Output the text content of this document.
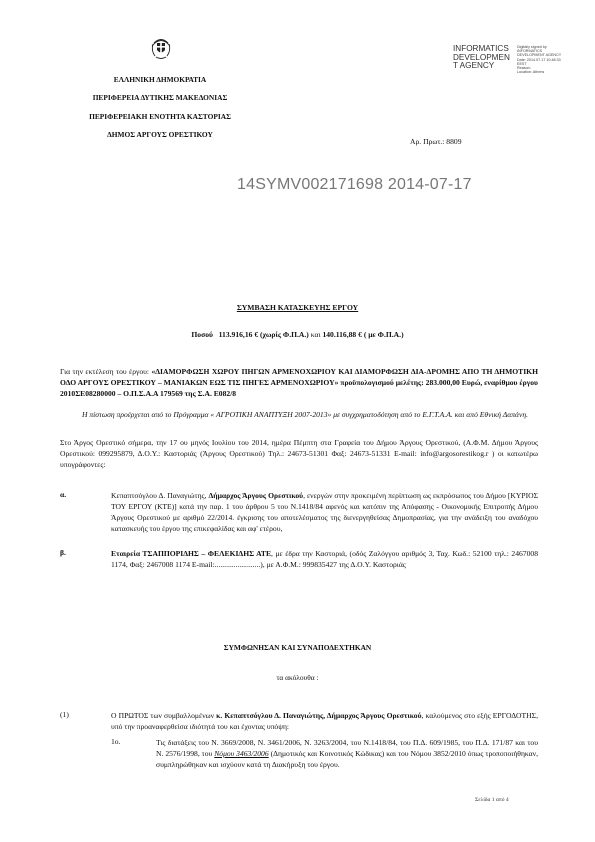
ΕΛΛΗΝΙΚΗ ΔΗΜΟΚΡΑΤΙΑ
ΠΕΡΙΦΕΡΕΙΑ ΔΥΤΙΚΗΣ ΜΑΚΕΔΟΝΙΑΣ
ΠΕΡΙΦΕΡΕΙΑΚΗ ΕΝΟΤΗΤΑ ΚΑΣΤΟΡΙΑΣ
ΔΗΜΟΣ ΑΡΓΟΥΣ ΟΡΕΣΤΙΚΟΥ
INFORMATICS
DEVELOPMEN
T AGENCY
Digitally signed by
INFORMATICS
DEVELOPMENT AGENCY
Date: 2014.07.17 10:48:33
EEST
Reason:
Location: Athens
Αρ. Πρωτ.: 8809
14SYMV002171698 2014-07-17
ΣΥΜΒΑΣΗ ΚΑΤΑΣΚΕΥΗΣ ΕΡΓΟΥ
Ποσού 113.916,16 € (χωρίς Φ.Π.Α.) και 140.116,88 € ( με Φ.Π.Α.)
Για την εκτέλεση του έργου: «ΔΙΑΜΟΡΦΩΣΗ ΧΩΡΟΥ ΠΗΓΩΝ ΑΡΜΕΝΟΧΩΡΙΟΥ ΚΑΙ ΔΙΑΜΟΡΦΩΣΗ ΔΙΑ-ΔΡΟΜΗΣ ΑΠΟ ΤΗ ΔΗΜΟΤΙΚΗ ΟΔΟ ΑΡΓΟΥΣ ΟΡΕΣΤΙΚΟΥ – ΜΑΝΙΑΚΩΝ ΕΩΣ ΤΙΣ ΠΗΓΕΣ ΑΡΜΕΝΟΧΩΡΙΟΥ» προϋπολογισμού μελέτης: 283.000,00 Ευρώ, εναρίθμου έργου 2010ΣΕ08280000 – Ο.Π.Σ.Α.Α 179569 της Σ.Α. Ε082/8
Η πίστωση προέρχεται από το Πρόγραμμα « ΑΓΡΟΤΙΚΗ ΑΝΑΠΤΥΞΗ 2007-2013» με συγχρηματοδότηση από το Ε.Γ.Τ.Α.Α. και από Εθνική Δαπάνη.
Στο Άργος Ορεστικό σήμερα, την 17 ου μηνός Ιουλίου του 2014, ημέρα Πέμπτη στα Γραφεία του Δήμου Άργους Ορεστικού, (Α.Φ.Μ. Δήμου Άργους Ορεστικού: 099295879, Δ.Ο.Υ.: Καστοριάς (Άργους Ορεστικού) Τηλ.: 24673-51301 Φαξ: 24673-51331 E-mail: info@argosorestikog.r ) οι κατωτέρω υπογράφοντες:
α.	Κεπαπτσόγλου Δ. Παναγιώτης, Δήμαρχος Άργους Ορεστικού, ενεργών στην προκειμένη περίπτωση ως εκπρόσωπος του Δήμου [ΚΥΡΙΟΣ ΤΟΥ ΕΡΓΟΥ (ΚΤΕ)] κατά την παρ. 1 του άρθρου 5 του Ν.1418/84 αφενός και κατόπιν της Απόφασης - Οικονομικής Επιτροπής Δήμου Άργους Ορεστικού με αριθμό 22/2014. έγκρισης του αποτελέσματος της διενεργηθείσας Δημοπρασίας, για την ανάδειξη του αναδόχου κατασκευής του έργου της επικεφαλίδας και αφ' ετέρου,
β.	Εταιρεία ΤΣΑΠΠΟΡΙΔΗΣ – ΦΕΛΕΚΙΔΗΣ ΑΤΕ, με έδρα την Καστοριά, (οδός Ζαλόγγου αριθμός 3, Ταχ. Κωδ.: 52100 τηλ.: 2467008 1174, Φαξ: 2467008 1174 E-mail:........................), με Α.Φ.Μ.: 999835427 της Δ.Ο.Υ. Καστοριάς
ΣΥΜΦΩΝΗΣΑΝ ΚΑΙ ΣΥΝΑΠΟΔΕΧΤΗΚΑΝ
τα ακόλουθα :
(1)	Ο ΠΡΩΤΟΣ των συμβαλλομένων κ. Κεπαπτσόγλου Δ. Παναγιώτης, Δήμαρχος Άργους Ορεστικού, καλούμενος στο εξής ΕΡΓΟΔΟΤΗΣ, υπό την προαναφερθείσα ιδιότητά του και έχοντας υπόψη:
1ο.	Τις διατάξεις του Ν. 3669/2008, Ν. 3461/2006, Ν. 3263/2004, του Ν.1418/84, του Π.Δ. 609/1985, του Π.Δ. 171/87 και του Ν. 2576/1998, του Νόμου 3463/2006 (Δημοτικός και Κοινοτικός Κώδικας) και του Νόμου 3852/2010 όπως τροποποιήθηκαν, συμπληρώθηκαν και ισχύουν κατά τη Διακήρυξη του έργου.
Σελίδα 1 από 4
